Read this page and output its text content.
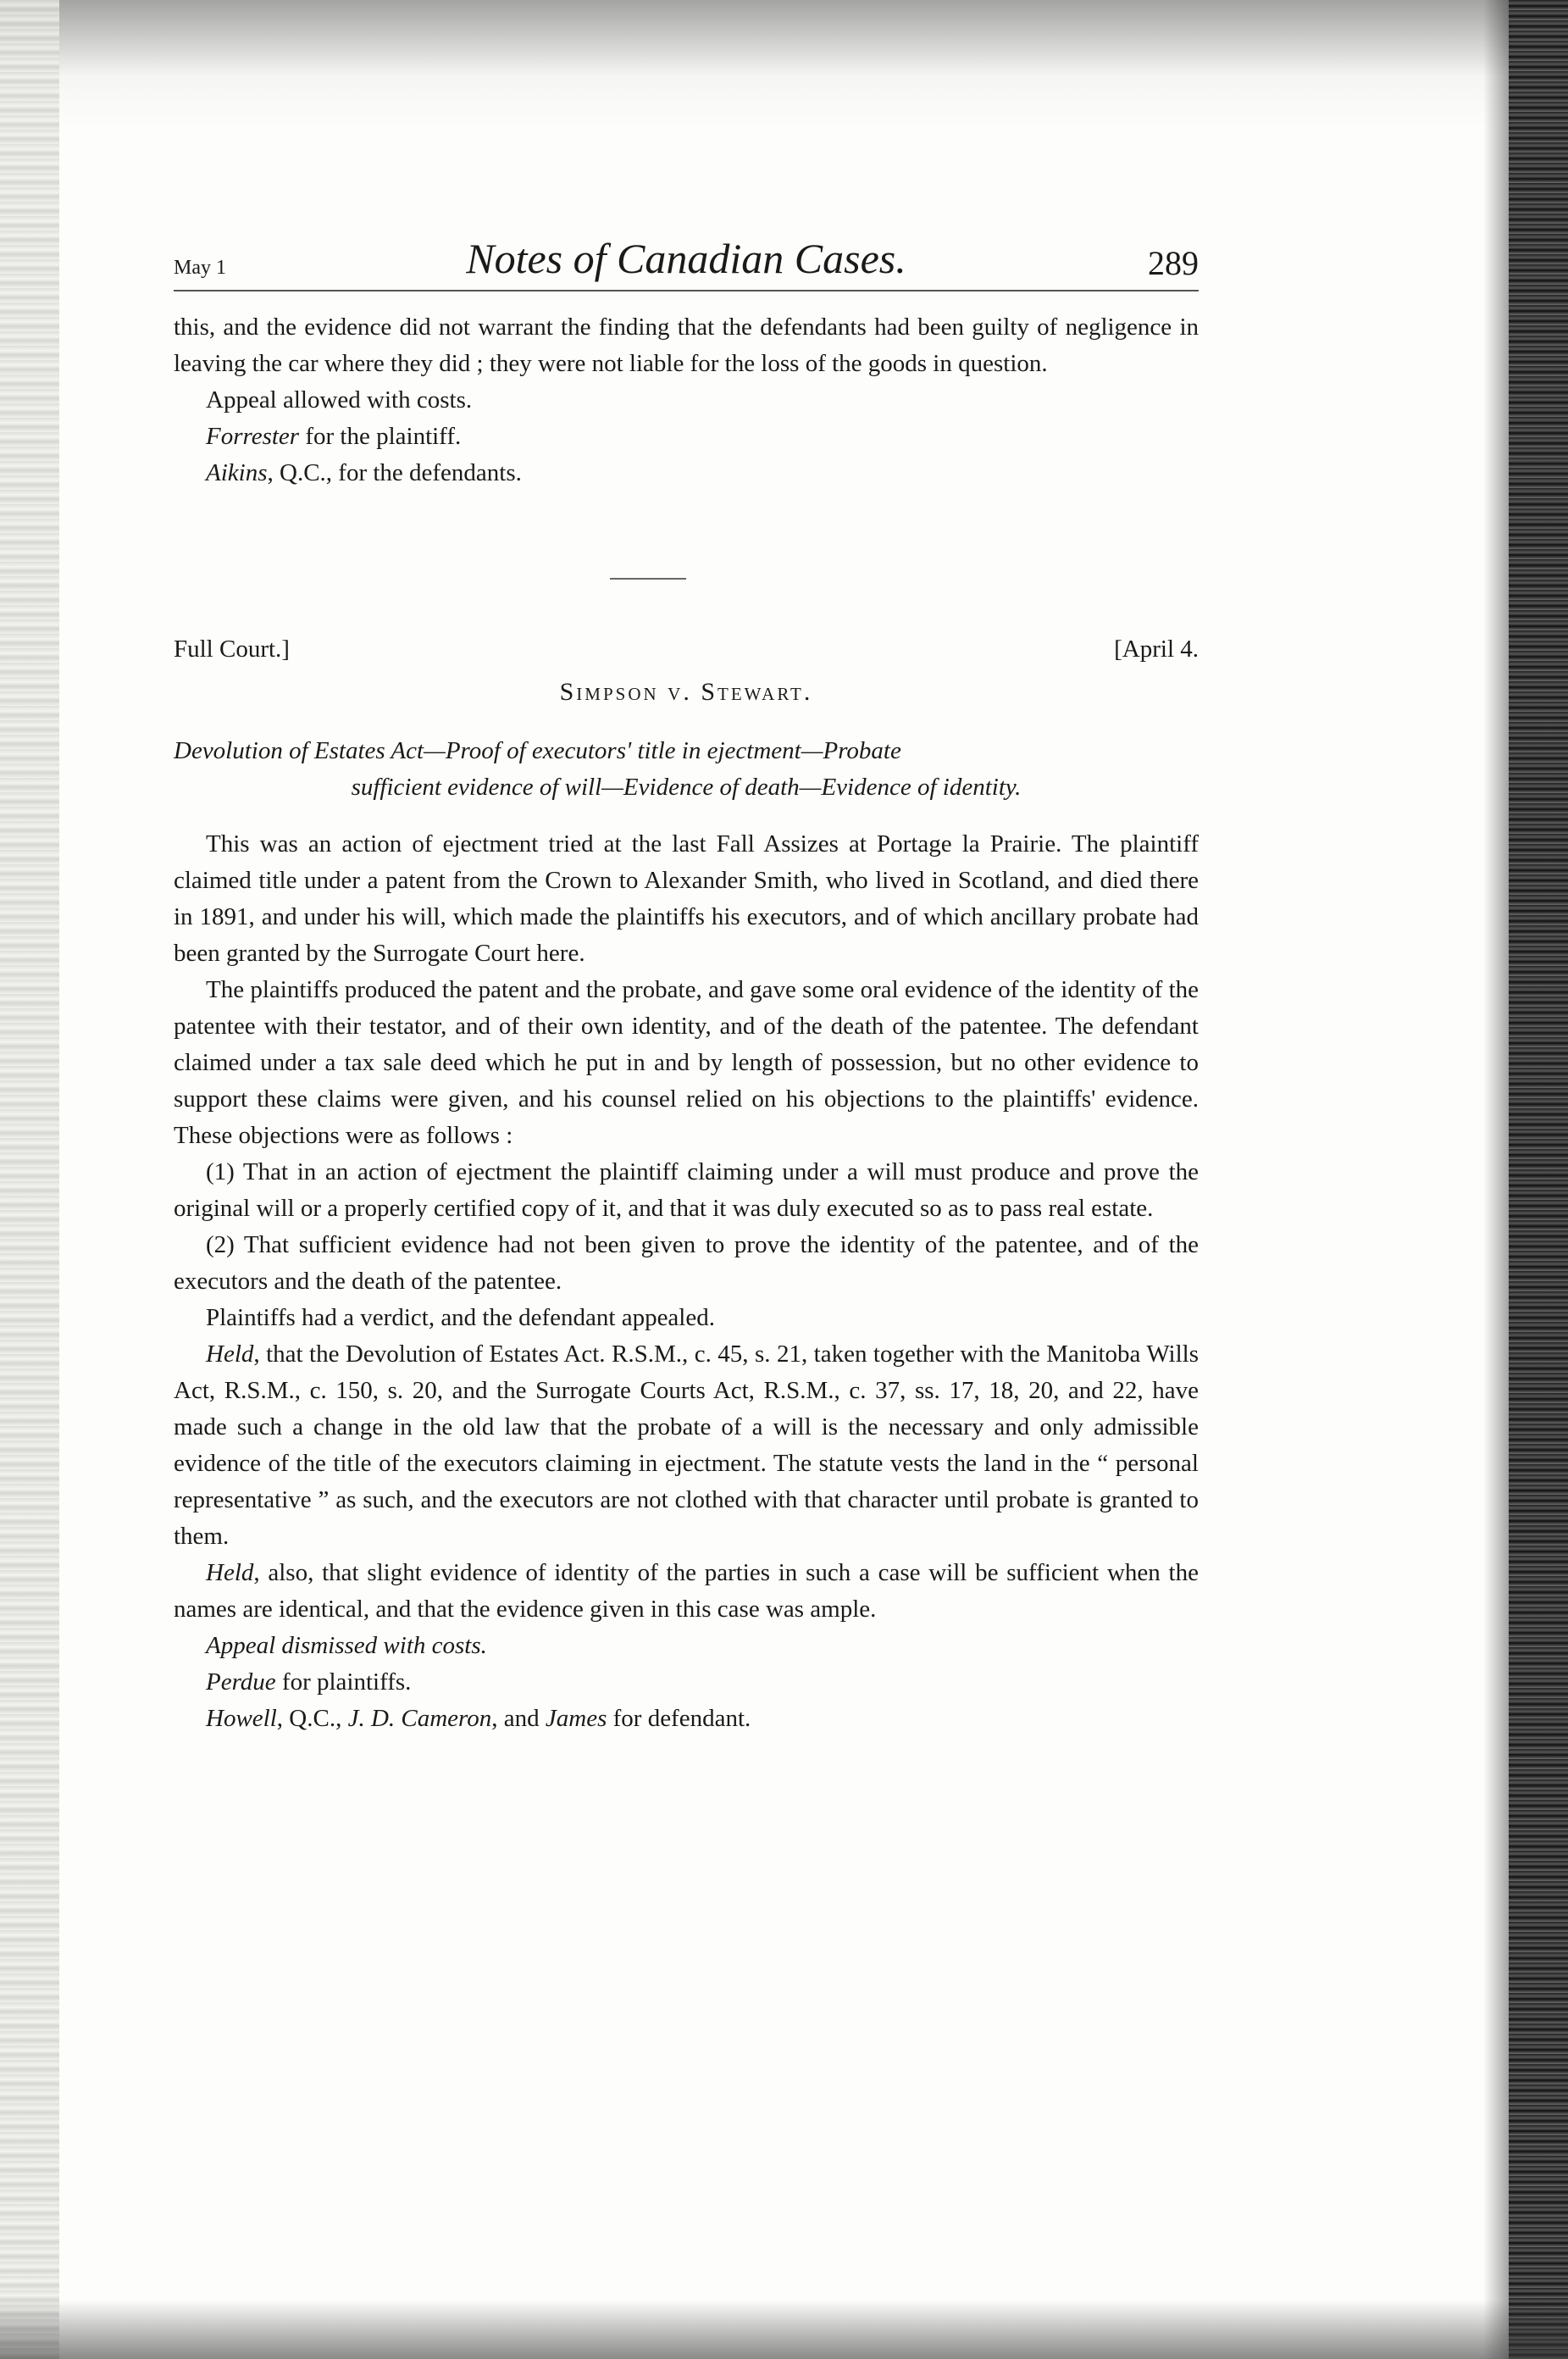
May 1	Notes of Canadian Cases.	289

this, and the evidence did not warrant the finding that the defendants had been guilty of negligence in leaving the car where they did ; they were not liable for the loss of the goods in question.

Appeal allowed with costs.

Forrester for the plaintiff.

Aikins, Q.C., for the defendants.

Full Court.]	[April 4.
Simpson v. Stewart.
Devolution of Estates Act—Proof of executors' title in ejectment—Probate
sufficient evidence of will—Evidence of death—Evidence of identity.

This was an action of ejectment tried at the last Fall Assizes at Portage la Prairie. The plaintiff claimed title under a patent from the Crown to Alexander Smith, who lived in Scotland, and died there in 1891, and under his will, which made the plaintiffs his executors, and of which ancillary probate had been granted by the Surrogate Court here.

The plaintiffs produced the patent and the probate, and gave some oral evidence of the identity of the patentee with their testator, and of their own identity, and of the death of the patentee. The defendant claimed under a tax sale deed which he put in and by length of possession, but no other evidence to support these claims were given, and his counsel relied on his objections to the plaintiffs' evidence. These objections were as follows :

(1) That in an action of ejectment the plaintiff claiming under a will must produce and prove the original will or a properly certified copy of it, and that it was duly executed so as to pass real estate.

(2) That sufficient evidence had not been given to prove the identity of the patentee, and of the executors and the death of the patentee.

Plaintiffs had a verdict, and the defendant appealed.

Held, that the Devolution of Estates Act. R.S.M., c. 45, s. 21, taken together with the Manitoba Wills Act, R.S.M., c. 150, s. 20, and the Surrogate Courts Act, R.S.M., c. 37, ss. 17, 18, 20, and 22, have made such a change in the old law that the probate of a will is the necessary and only admissible evidence of the title of the executors claiming in ejectment. The statute vests the land in the “ personal representative ” as such, and the executors are not clothed with that character until probate is granted to them.

Held, also, that slight evidence of identity of the parties in such a case will be sufficient when the names are identical, and that the evidence given in this case was ample.

Appeal dismissed with costs.

Perdue for plaintiffs.

Howell, Q.C., J. D. Cameron, and James for defendant.
